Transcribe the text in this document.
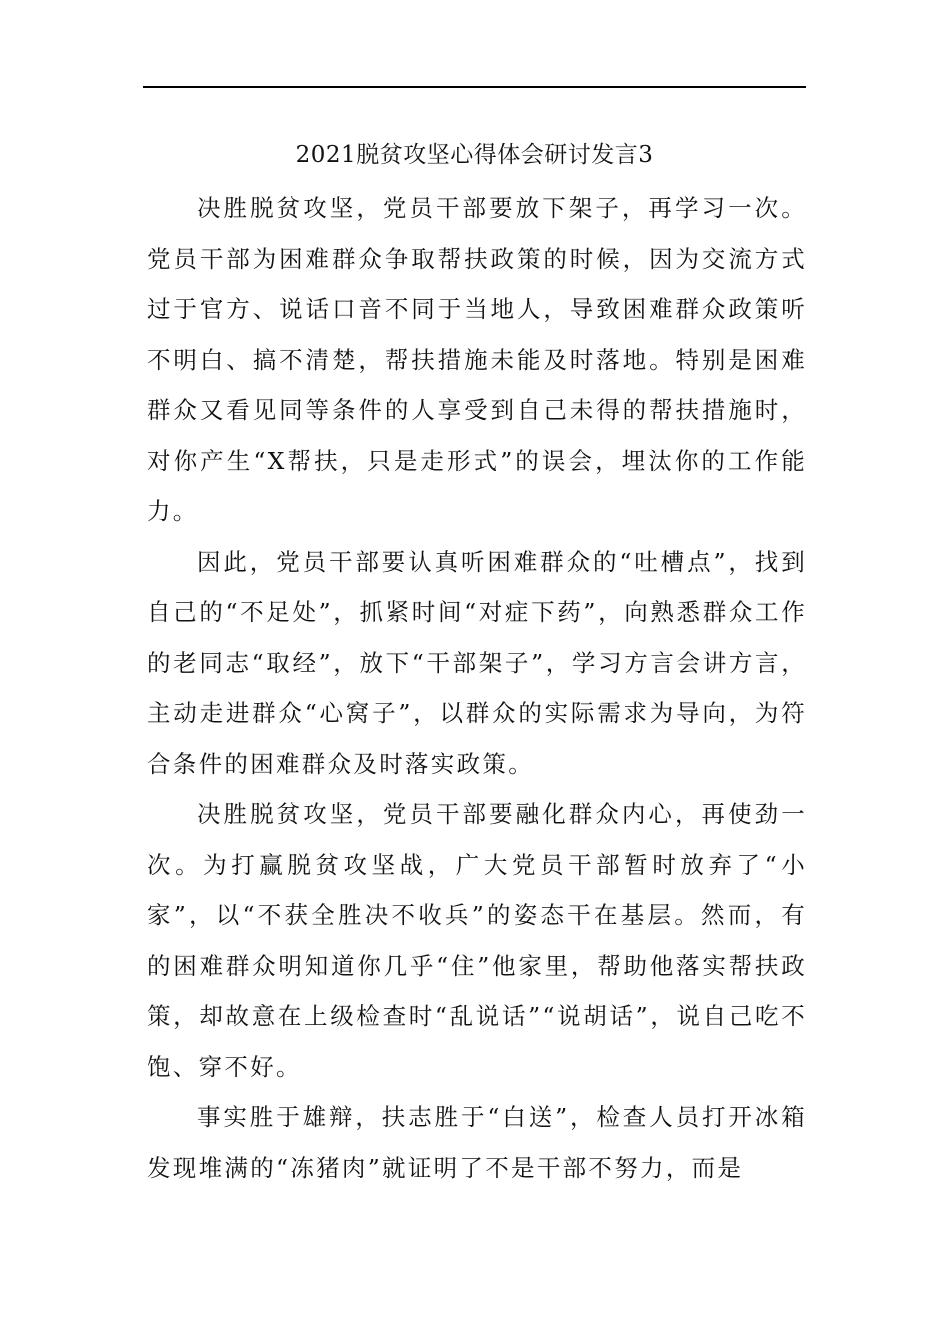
2021脱贫攻坚心得体会研讨发言3

决胜脱贫攻坚，党员干部要放下架子，再学习一次。党员干部为困难群众争取帮扶政策的时候，因为交流方式过于官方、说话口音不同于当地人，导致困难群众政策听不明白、搞不清楚，帮扶措施未能及时落地。特别是困难群众又看见同等条件的人享受到自己未得的帮扶措施时，对你产生“X帮扶，只是走形式”的误会，埋汰你的工作能力。

因此，党员干部要认真听困难群众的“吐槽点”，找到自己的“不足处”，抓紧时间“对症下药”，向熟悉群众工作的老同志“取经”，放下“干部架子”，学习方言会讲方言，主动走进群众“心窝子”，以群众的实际需求为导向，为符合条件的困难群众及时落实政策。

决胜脱贫攻坚，党员干部要融化群众内心，再使劲一次。为打赢脱贫攻坚战，广大党员干部暂时放弃了“小家”，以“不获全胜决不收兵”的姿态干在基层。然而，有的困难群众明知道你几乎“住”他家里，帮助他落实帮扶政策，却故意在上级检查时“乱说话”“说胡话”，说自己吃不饱、穿不好。

事实胜于雄辩，扶志胜于“白送”，检查人员打开冰箱发现堆满的“冻猪肉”就证明了不是干部不努力，而是
